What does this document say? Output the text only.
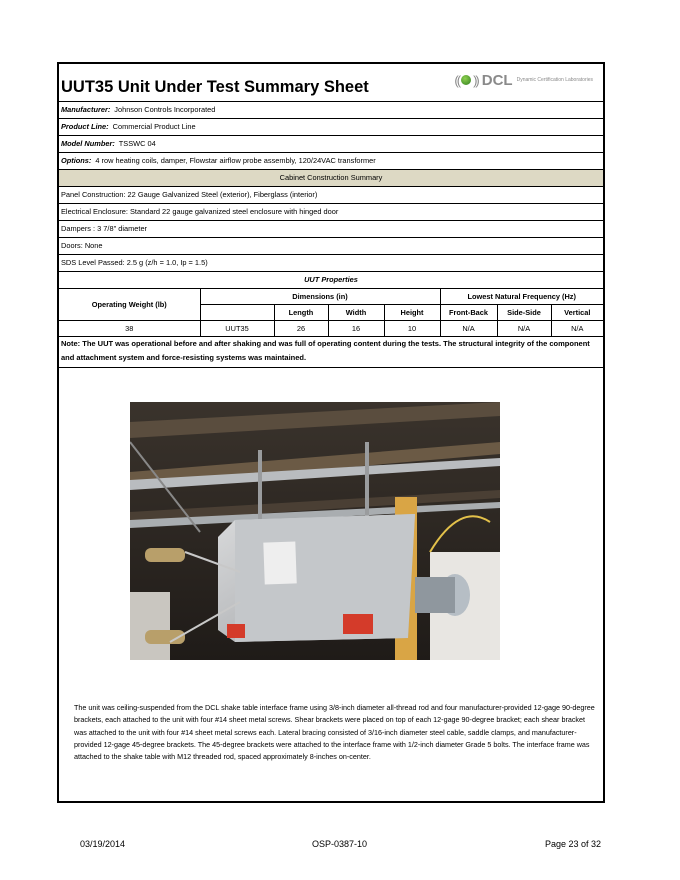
UUT35 Unit Under Test Summary Sheet	(( )) DCL Dynamic Certification Laboratories
Manufacturer: Johnson Controls Incorporated
Product Line: Commercial Product Line
Model Number: TSSWC 04
Options: 4 row heating coils, damper, Flowstar airflow probe assembly, 120/24VAC transformer
Cabinet Construction Summary
Panel Construction: 22 Gauge Galvanized Steel (exterior), Fiberglass (interior)
Electrical Enclosure: Standard 22 gauge galvanized steel enclosure with hinged door
Dampers : 3 7/8" diameter
Doors: None
SDS Level Passed: 2.5 g (z/h = 1.0, Ip = 1.5)
UUT Properties
Operating Weight (lb)	Dimensions (in)				Lowest Natural Frequency (Hz)		
		Length	Width	Height	Front-Back	Side-Side	Vertical
38	UUT35	26	16	10	N/A	N/A	N/A
Note: The UUT was operational before and after shaking and was full of operating content during the tests. The structural integrity of the component and attachment system and force-resisting systems was maintained.
The unit was ceiling-suspended from the DCL shake table interface frame using 3/8-inch diameter all-thread rod and four manufacturer-provided 12-gage 90-degree brackets, each attached to the unit with four #14 sheet metal screws. Shear brackets were placed on top of each 12-gage 90-degree bracket; each shear bracket was attached to the unit with four #14 sheet metal screws each. Lateral bracing consisted of 3/16-inch diameter steel cable, saddle clamps, and manufacturer-provided 12-gage 45-degree brackets. The 45-degree brackets were attached to the interface frame with 1/2-inch diameter Grade 5 bolts. The interface frame was attached to the shake table with M12 threaded rod, spaced approximately 8-inches on-center.
03/19/2014	OSP-0387-10	Page 23 of 32
